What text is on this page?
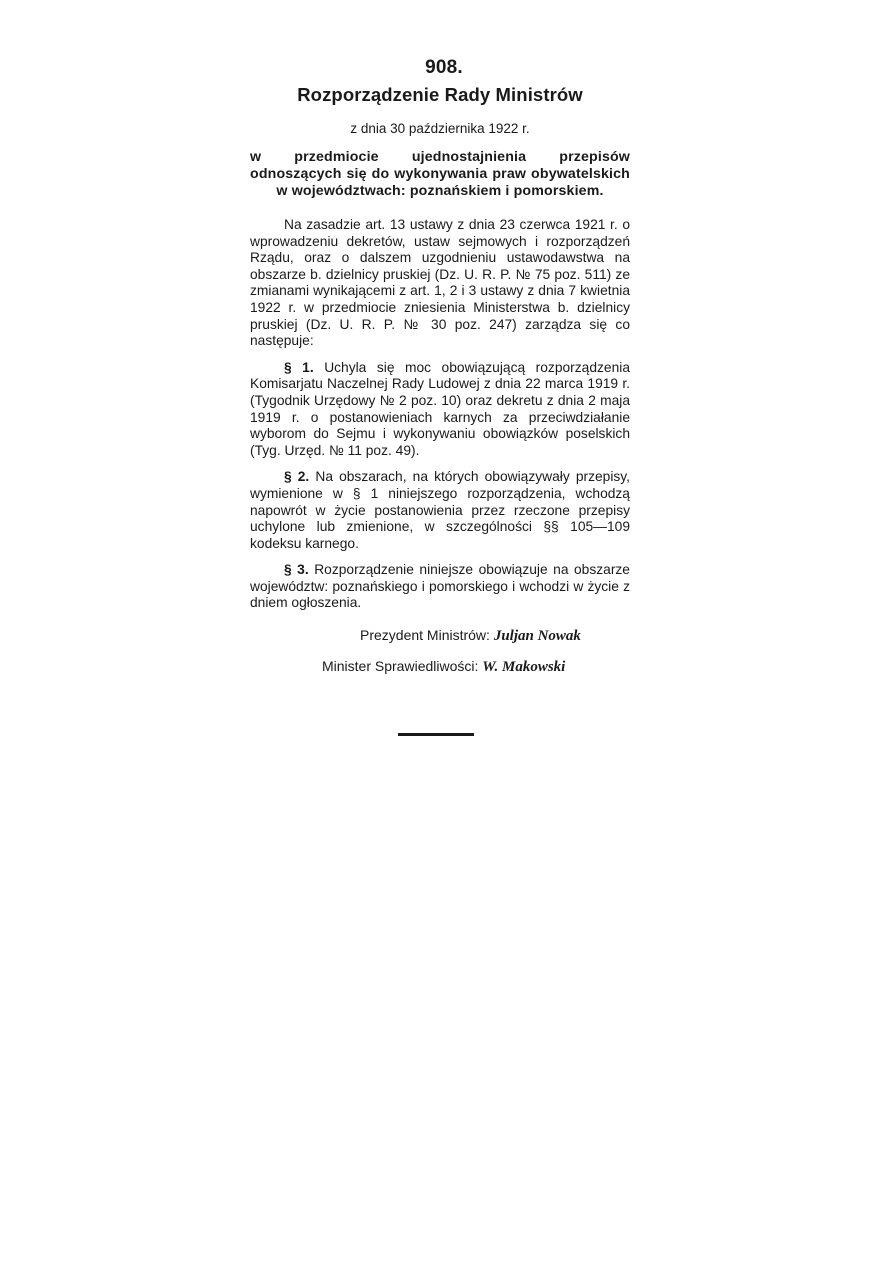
908.

Rozporządzenie Rady Ministrów

z dnia 30 października 1922 r.

w przedmiocie ujednostajnienia przepisów odnoszących się do wykonywania praw obywatelskich w województwach: poznańskiem i pomorskiem.

Na zasadzie art. 13 ustawy z dnia 23 czerwca 1921 r. o wprowadzeniu dekretów, ustaw sejmowych i rozporządzeń Rządu, oraz o dalszem uzgodnieniu ustawodawstwa na obszarze b. dzielnicy pruskiej (Dz. U. R. P. № 75 poz. 511) ze zmianami wynikającemi z art. 1, 2 i 3 ustawy z dnia 7 kwietnia 1922 r. w przedmiocie zniesienia Ministerstwa b. dzielnicy pruskiej (Dz. U. R. P. № 30 poz. 247) zarządza się co następuje:

§ 1. Uchyla się moc obowiązującą rozporządzenia Komisarjatu Naczelnej Rady Ludowej z dnia 22 marca 1919 r. (Tygodnik Urzędowy № 2 poz. 10) oraz dekretu z dnia 2 maja 1919 r. o postanowieniach karnych za przeciwdziałanie wyborom do Sejmu i wykonywaniu obowiązków poselskich (Tyg. Urzęd. № 11 poz. 49).

§ 2. Na obszarach, na których obowiązywały przepisy, wymienione w § 1 niniejszego rozporządzenia, wchodzą napowrót w życie postanowienia przez rzeczone przepisy uchylone lub zmienione, w szczególności §§ 105—109 kodeksu karnego.

§ 3. Rozporządzenie niniejsze obowiązuje na obszarze województw: poznańskiego i pomorskiego i wchodzi w życie z dniem ogłoszenia.

Prezydent Ministrów: Juljan Nowak

Minister Sprawiedliwości: W. Makowski
